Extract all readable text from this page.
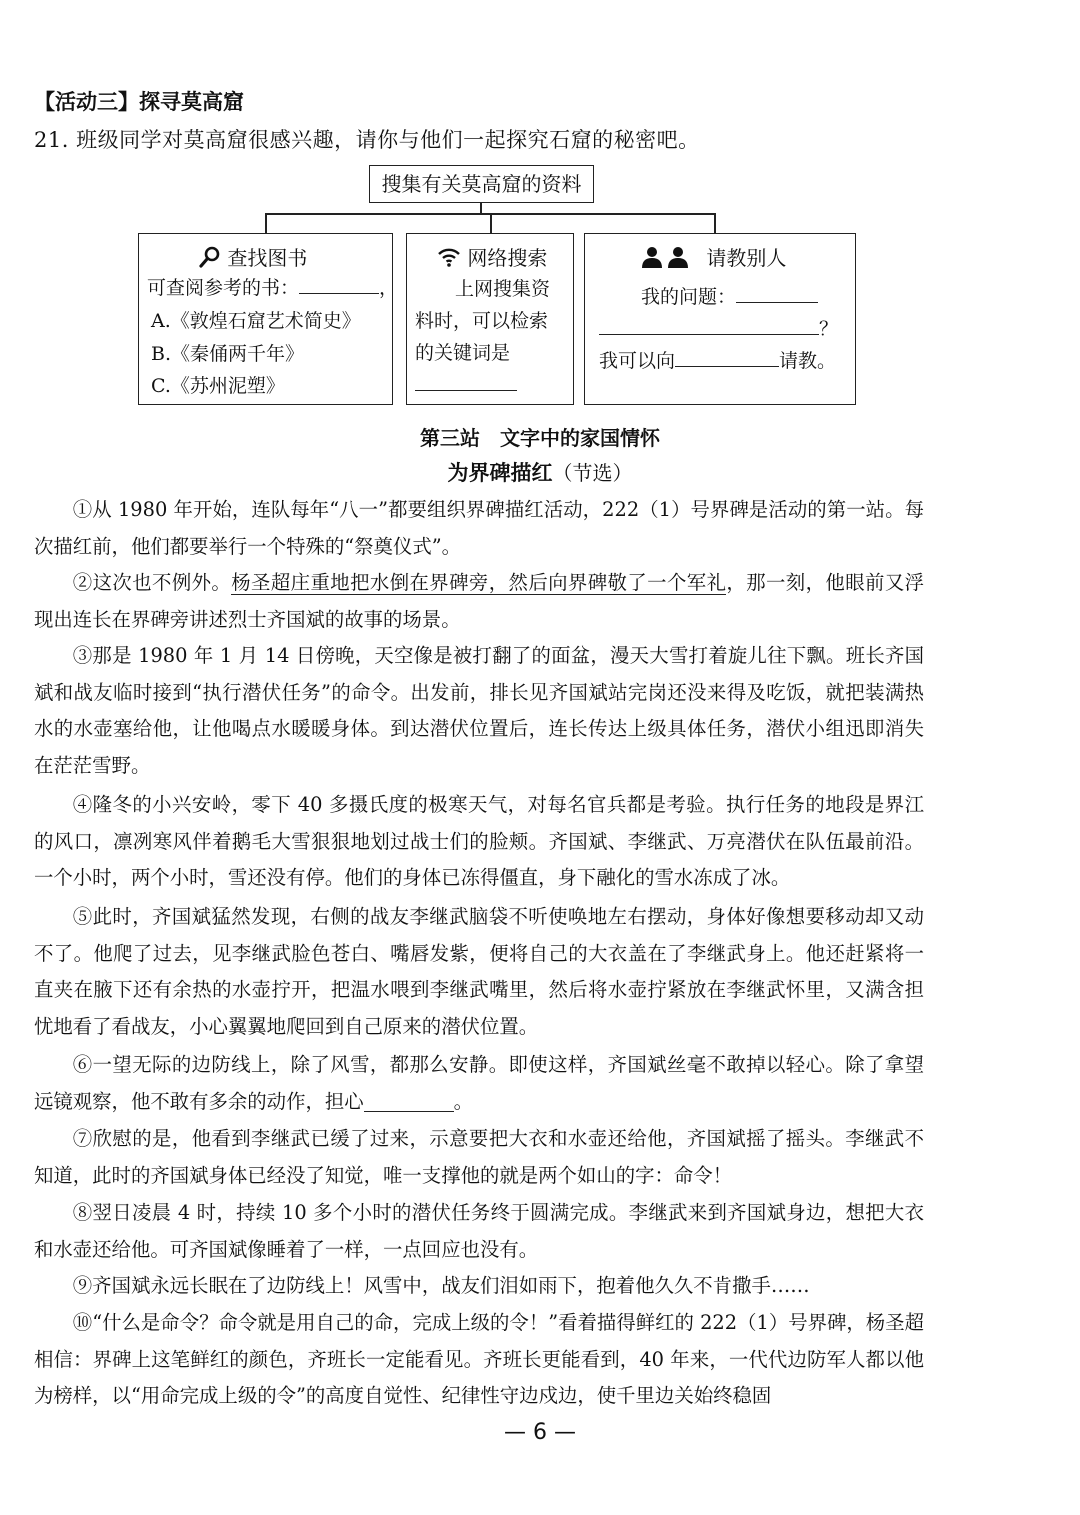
【活动三】探寻莫高窟
21. 班级同学对莫高窟很感兴趣，请你与他们一起探究石窟的秘密吧。
搜集有关莫高窟的资料
查找图书
可查阅参考的书：	，
A.《敦煌石窟艺术简史》
B.《秦俑两千年》
C.《苏州泥塑》
网络搜索
上网搜集资
料时，可以检索
的关键词是
请教别人
我的问题：
？
我可以向	请教。
第三站　文字中的家国情怀
为界碑描红（节选）
①从 1980 年开始，连队每年“八一”都要组织界碑描红活动，222（1）号界碑是活动的第一站。每次描红前，他们都要举行一个特殊的“祭奠仪式”。
②这次也不例外。杨圣超庄重地把水倒在界碑旁，然后向界碑敬了一个军礼，那一刻，他眼前又浮现出连长在界碑旁讲述烈士齐国斌的故事的场景。
③那是 1980 年 1 月 14 日傍晚，天空像是被打翻了的面盆，漫天大雪打着旋儿往下飘。班长齐国斌和战友临时接到“执行潜伏任务”的命令。出发前，排长见齐国斌站完岗还没来得及吃饭，就把装满热水的水壶塞给他，让他喝点水暖暖身体。到达潜伏位置后，连长传达上级具体任务，潜伏小组迅即消失在茫茫雪野。
④隆冬的小兴安岭，零下 40 多摄氏度的极寒天气，对每名官兵都是考验。执行任务的地段是界江的风口，凛冽寒风伴着鹅毛大雪狠狠地划过战士们的脸颊。齐国斌、李继武、万亮潜伏在队伍最前沿。一个小时，两个小时，雪还没有停。他们的身体已冻得僵直，身下融化的雪水冻成了冰。
⑤此时，齐国斌猛然发现，右侧的战友李继武脑袋不听使唤地左右摆动，身体好像想要移动却又动不了。他爬了过去，见李继武脸色苍白、嘴唇发紫，便将自己的大衣盖在了李继武身上。他还赶紧将一直夹在腋下还有余热的水壶拧开，把温水喂到李继武嘴里，然后将水壶拧紧放在李继武怀里，又满含担忧地看了看战友，小心翼翼地爬回到自己原来的潜伏位置。
⑥一望无际的边防线上，除了风雪，都那么安静。即使这样，齐国斌丝毫不敢掉以轻心。除了拿望远镜观察，他不敢有多余的动作，担心	。
⑦欣慰的是，他看到李继武已缓了过来，示意要把大衣和水壶还给他，齐国斌摇了摇头。李继武不知道，此时的齐国斌身体已经没了知觉，唯一支撑他的就是两个如山的字：命令！
⑧翌日凌晨 4 时，持续 10 多个小时的潜伏任务终于圆满完成。李继武来到齐国斌身边，想把大衣和水壶还给他。可齐国斌像睡着了一样，一点回应也没有。
⑨齐国斌永远长眠在了边防线上！风雪中，战友们泪如雨下，抱着他久久不肯撒手……
⑩“什么是命令？命令就是用自己的命，完成上级的令！”看着描得鲜红的 222（1）号界碑，杨圣超相信：界碑上这笔鲜红的颜色，齐班长一定能看见。齐班长更能看到，40 年来，一代代边防军人都以他为榜样，以“用命完成上级的令”的高度自觉性、纪律性守边戍边，使千里边关始终稳固
— 6 —
